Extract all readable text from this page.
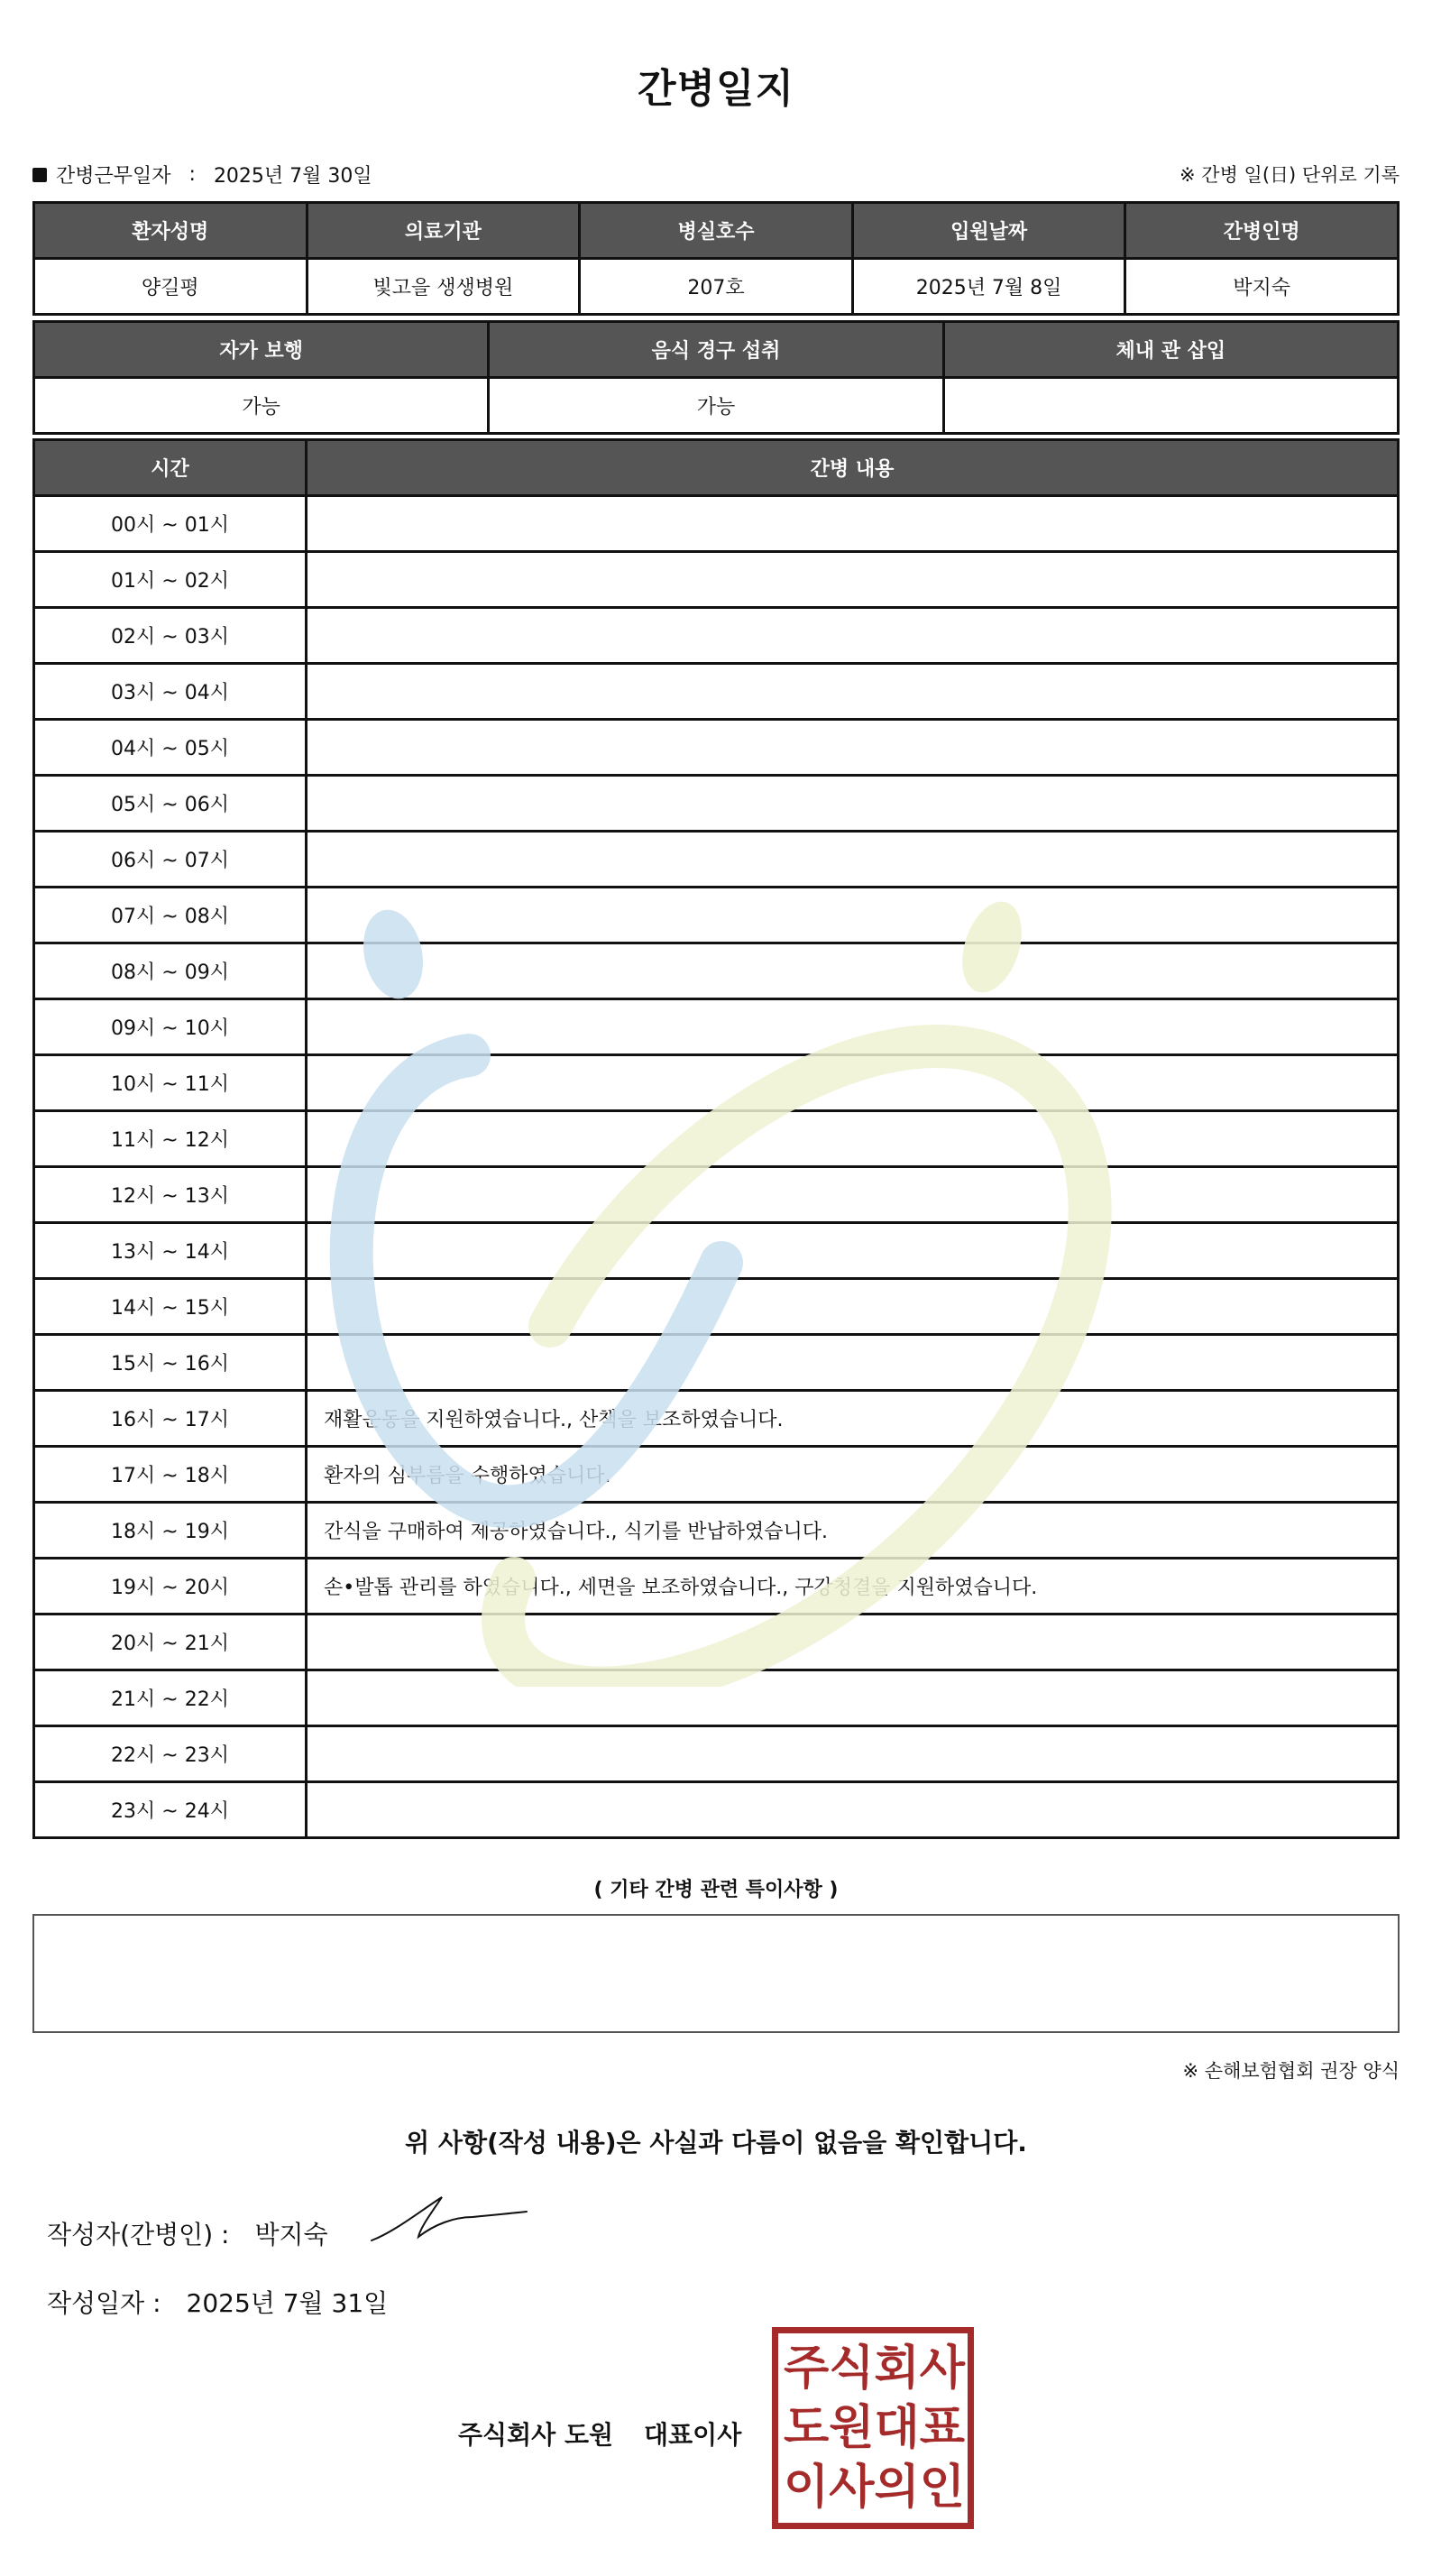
간병일지
간병근무일자 : 2025년 7월 30일	※ 간병 일(日) 단위로 기록
환자성명	의료기관	병실호수	입원날짜	간병인명
양길평	빛고을 생생병원	207호	2025년 7월 8일	박지숙
자가 보행	음식 경구 섭취	체내 관 삽입
가능	가능	
시간	간병 내용
00시 ~ 01시	
01시 ~ 02시	
02시 ~ 03시	
03시 ~ 04시	
04시 ~ 05시	
05시 ~ 06시	
06시 ~ 07시	
07시 ~ 08시	
08시 ~ 09시	
09시 ~ 10시	
10시 ~ 11시	
11시 ~ 12시	
12시 ~ 13시	
13시 ~ 14시	
14시 ~ 15시	
15시 ~ 16시	
16시 ~ 17시	재활운동을 지원하였습니다., 산책을 보조하였습니다.
17시 ~ 18시	환자의 심부름을 수행하였습니다.
18시 ~ 19시	간식을 구매하여 제공하였습니다., 식기를 반납하였습니다.
19시 ~ 20시	손•발톱 관리를 하였습니다., 세면을 보조하였습니다., 구강청결을 지원하였습니다.
20시 ~ 21시	
21시 ~ 22시	
22시 ~ 23시	
23시 ~ 24시	
( 기타 간병 관련 특이사항 )
※ 손해보험협회 권장 양식
위 사항(작성 내용)은 사실과 다름이 없음을 확인합니다.
작성자(간병인) : 박지숙
작성일자 : 2025년 7월 31일
주식회사 도원 대표이사
주 식 회 사
도 원 대 표
이 사 의 인
